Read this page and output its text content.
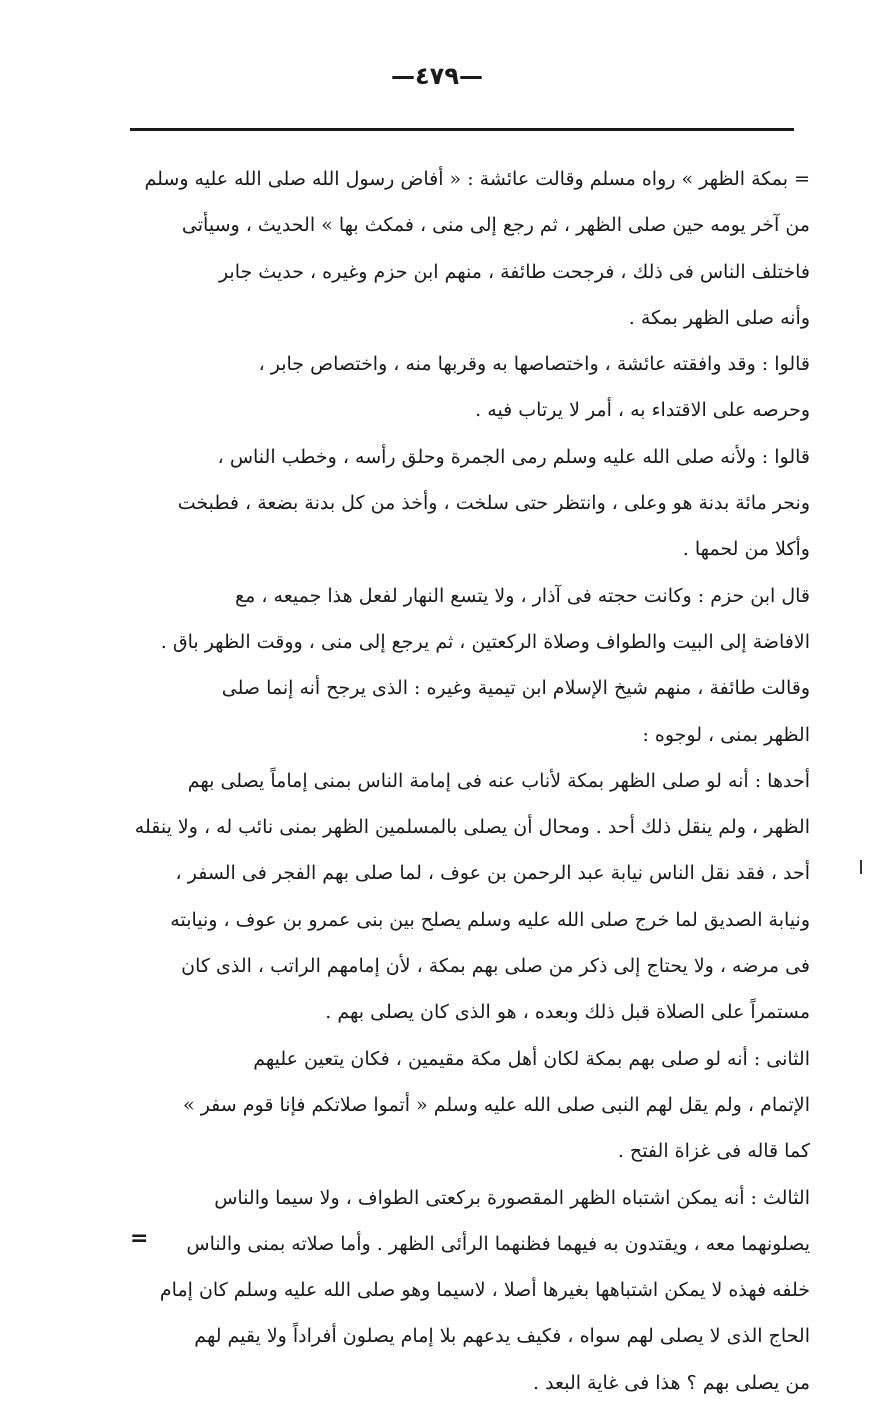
—٤٧٩—
= بمكة الظهر » رواه مسلم وقالت عائشة : « أفاض رسول الله صلى الله عليه وسلم
من آخر يومه حين صلى الظهر ، ثم رجع إلى منى ، فمكث بها » الحديث ، وسيأتى
فاختلف الناس فى ذلك ، فرجحت طائفة ، منهم ابن حزم وغيره ، حديث جابر
وأنه صلى الظهر بمكة .
قالوا : وقد وافقته عائشة ، واختصاصها به وقربها منه ، واختصاص جابر ،
وحرصه على الاقتداء به ، أمر لا يرتاب فيه .
قالوا : ولأنه صلى الله عليه وسلم رمى الجمرة وحلق رأسه ، وخطب الناس ،
ونحر مائة بدنة هو وعلى ، وانتظر حتى سلخت ، وأخذ من كل بدنة بضعة ، فطبخت
وأكلا من لحمها .
قال ابن حزم : وكانت حجته فى آذار ، ولا يتسع النهار لفعل هذا جميعه ، مع
الافاضة إلى البيت والطواف وصلاة الركعتين ، ثم يرجع إلى منى ، ووقت الظهر باق .
وقالت طائفة ، منهم شيخ الإسلام ابن تيمية وغيره : الذى يرجح أنه إنما صلى
الظهر بمنى ، لوجوه :
أحدها : أنه لو صلى الظهر بمكة لأناب عنه فى إمامة الناس بمنى إماماً يصلى بهم
الظهر ، ولم ينقل ذلك أحد . ومحال أن يصلى بالمسلمين الظهر بمنى نائب له ، ولا ينقله
أحد ، فقد نقل الناس نيابة عبد الرحمن بن عوف ، لما صلى بهم الفجر فى السفر ،
ونيابة الصديق لما خرج صلى الله عليه وسلم يصلح بين بنى عمرو بن عوف ، ونيابته
فى مرضه ، ولا يحتاج إلى ذكر من صلى بهم بمكة ، لأن إمامهم الراتب ، الذى كان
مستمراً على الصلاة قبل ذلك وبعده ، هو الذى كان يصلى بهم .
الثانى : أنه لو صلى بهم بمكة لكان أهل مكة مقيمين ، فكان يتعين عليهم
الإتمام ، ولم يقل لهم النبى صلى الله عليه وسلم « أتموا صلاتكم فإنا قوم سفر »
كما قاله فى غزاة الفتح .
الثالث : أنه يمكن اشتباه الظهر المقصورة بركعتى الطواف ، ولا سيما والناس
يصلونهما معه ، ويقتدون به فيهما فظنهما الرأئى الظهر . وأما صلاته بمنى والناس
خلفه فهذه لا يمكن اشتباهها بغيرها أصلا ، لاسيما وهو صلى الله عليه وسلم كان إمام
الحاج الذى لا يصلى لهم سواه ، فكيف يدعهم بلا إمام يصلون أفراداً ولا يقيم لهم
من يصلى بهم ؟ هذا فى غاية البعد .
=
